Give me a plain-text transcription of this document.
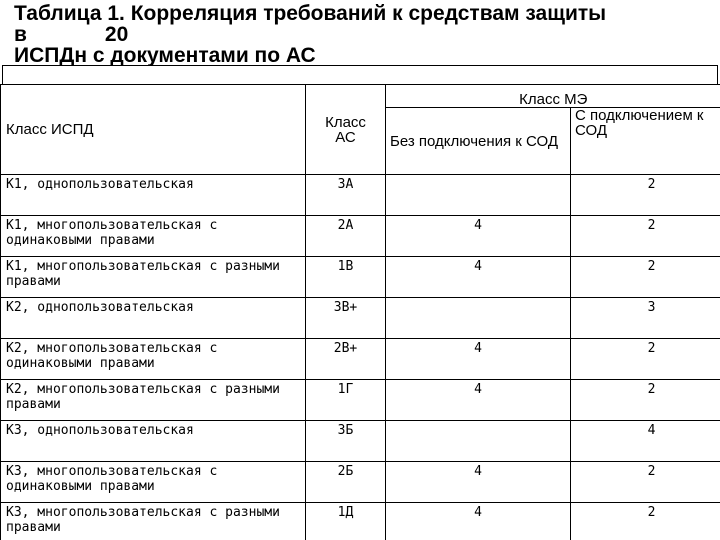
Таблица 1. Корреляция требований к средствам защиты
в	20
ИСПДн с документами по АС
Класс ИСПД	Класс АС	Класс МЭ	
		Без подключения к СОД	С подключением к СОД
К1, однопользовательская	3А		2
К1, многопользовательская с одинаковыми правами	2А	4	2
К1, многопользовательская с разными правами	1В	4	2
К2, однопользовательская	3В+		3
К2, многопользовательская с одинаковыми правами	2В+	4	2
К2, многопользовательская с разными правами	1Г	4	2
К3, однопользовательская	3Б		4
К3, многопользовательская с одинаковыми правами	2Б	4	2
К3, многопользовательская с разными правами	1Д	4	2
